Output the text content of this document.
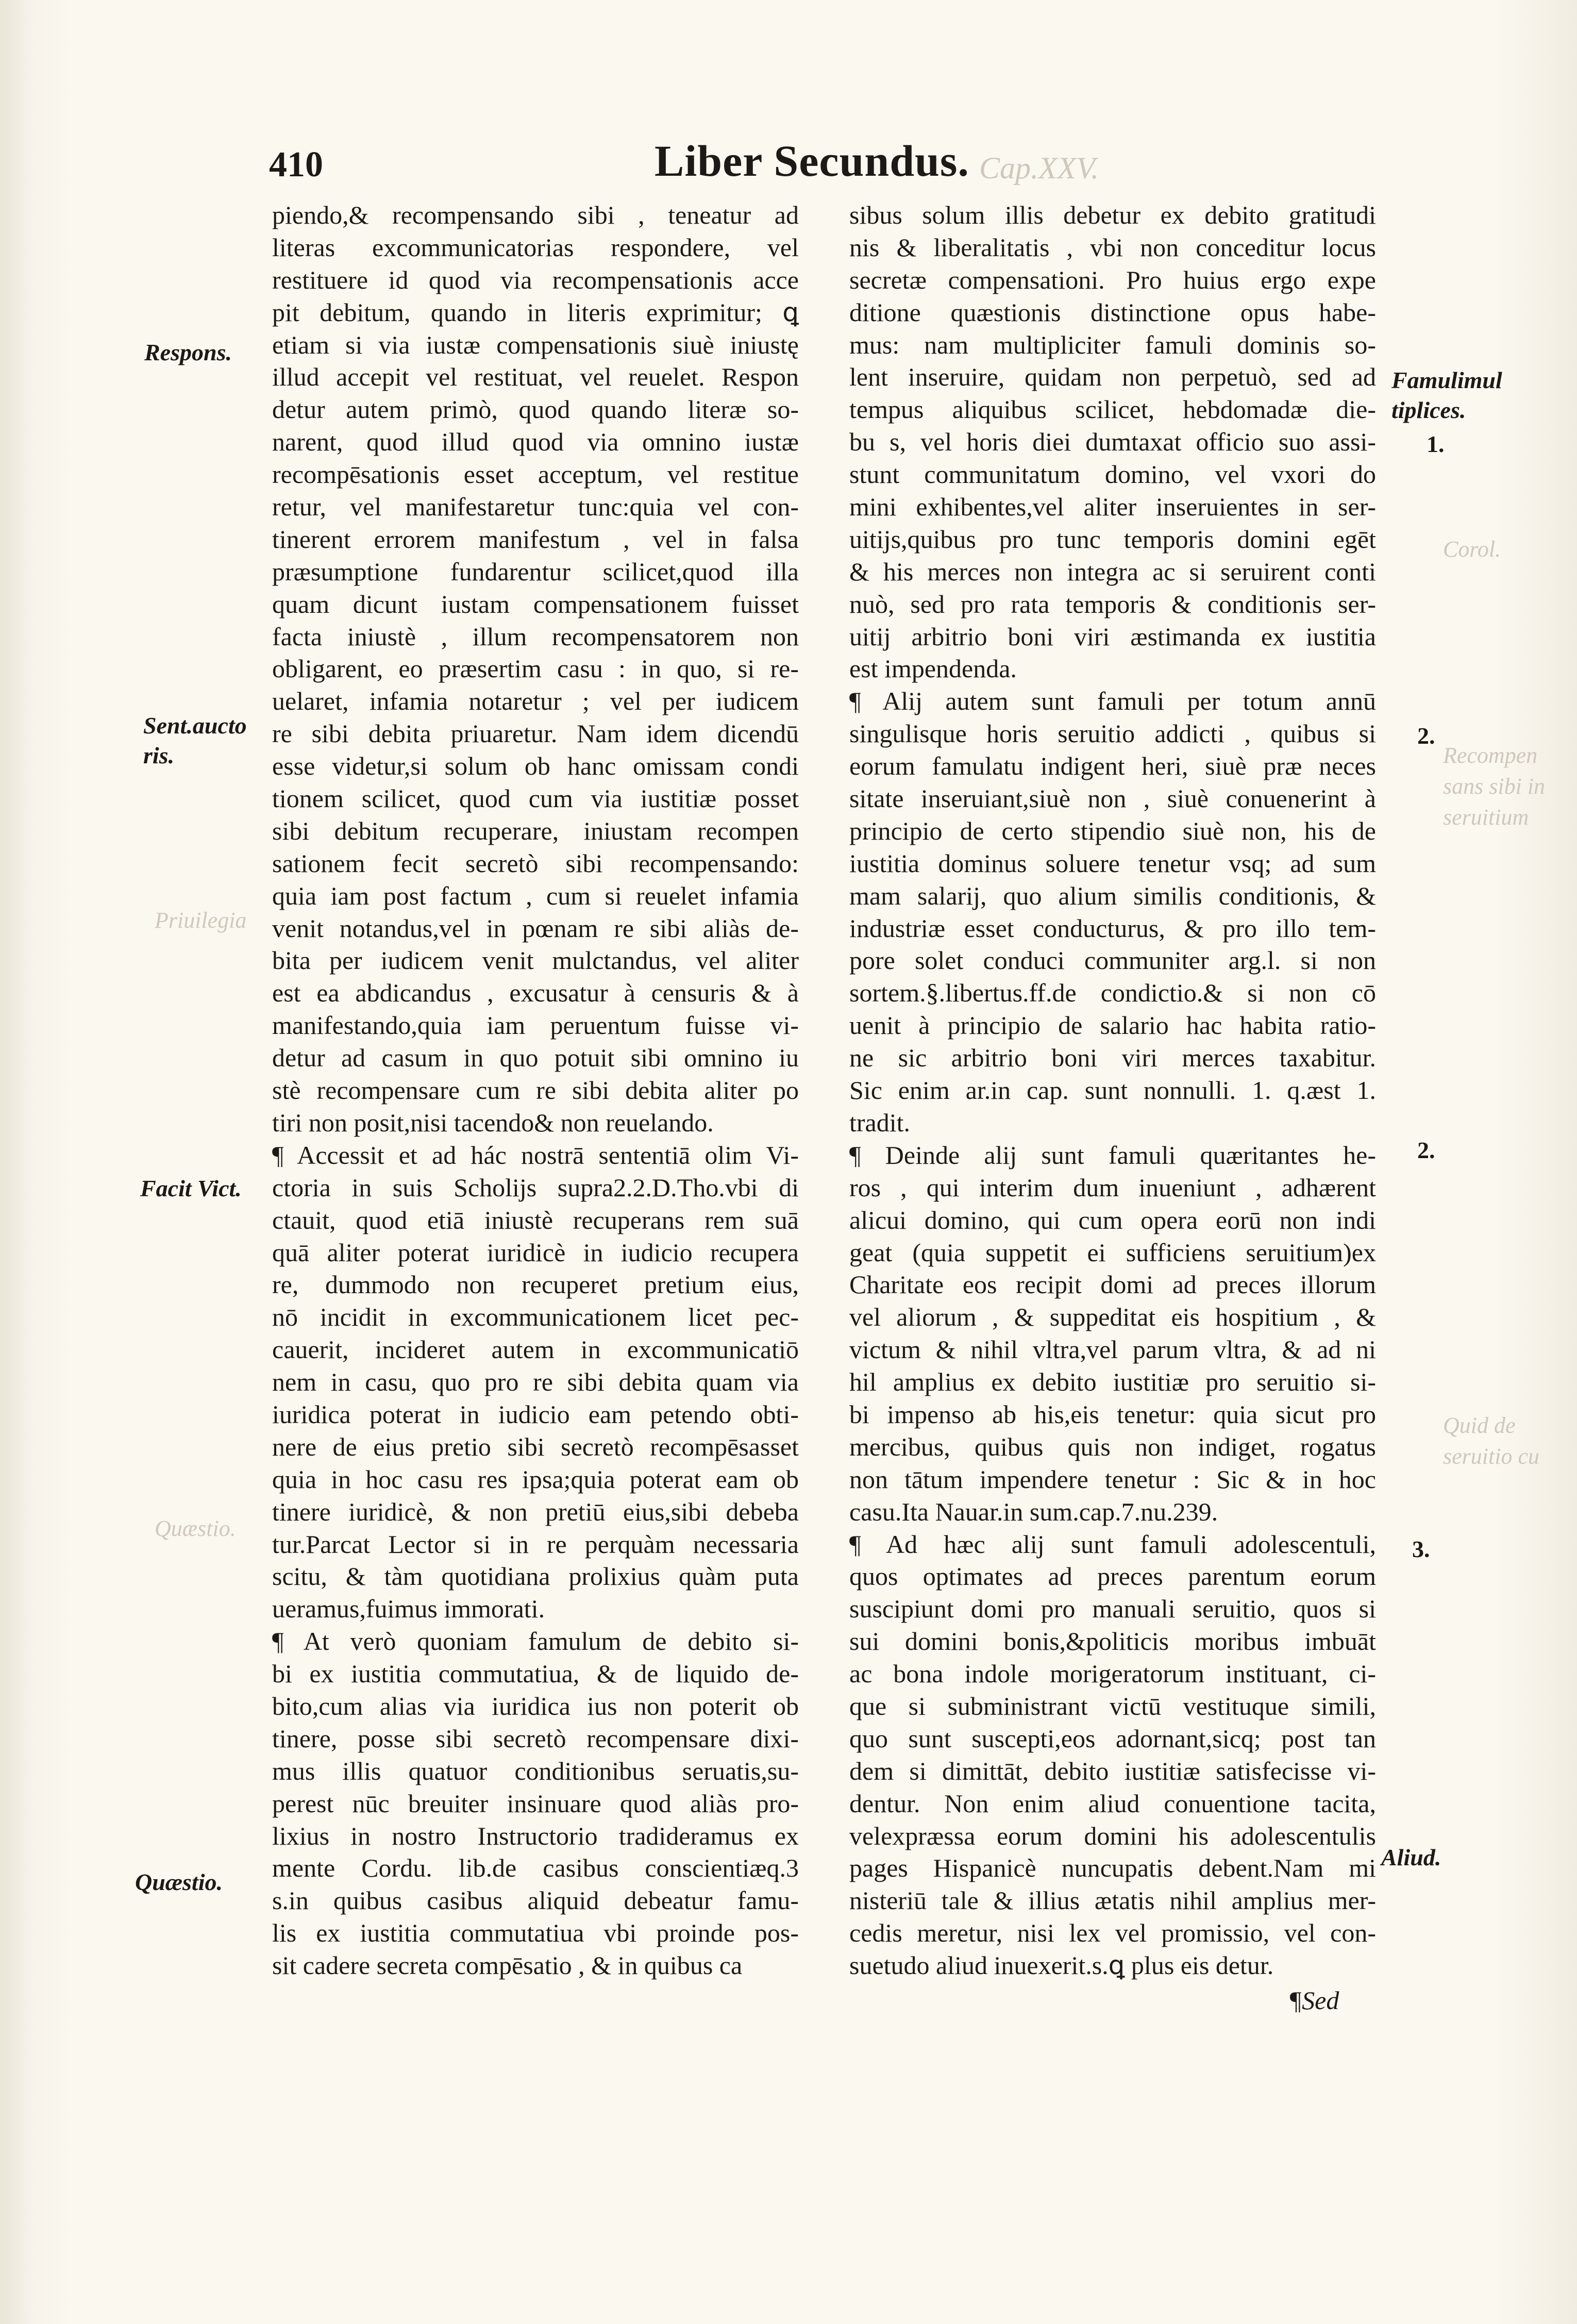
410	Liber Secundus. Cap.XXV.
Corol.
Recompen
sans sibi in
seruitium
Priuilegia
Quid de
seruitio cu
Quæstio.
piendo,& recompensando sibi , teneatur ad
literas excommunicatorias respondere, vel
restituere id quod via recompensationis acce
pit debitum, quando in literis exprimitur; ꝗ
etiam si via iustæ compensationis siuè iniustę
illud accepit vel restituat, vel reuelet. Respon
detur autem primò, quod quando literæ so-
narent, quod illud quod via omnino iustæ
recompēsationis esset acceptum, vel restitue
retur, vel manifestaretur tunc:quia vel con-
tinerent errorem manifestum , vel in falsa
præsumptione fundarentur scilicet,quod illa
quam dicunt iustam compensationem fuisset
facta iniustè , illum recompensatorem non
obligarent, eo præsertim casu : in quo, si re-
uelaret, infamia notaretur ; vel per iudicem
re sibi debita priuaretur. Nam idem dicendū
esse videtur,si solum ob hanc omissam condi
tionem scilicet, quod cum via iustitiæ posset
sibi debitum recuperare, iniustam recompen
sationem fecit secretò sibi recompensando:
quia iam post factum , cum si reuelet infamia
venit notandus,vel in pœnam re sibi aliàs de-
bita per iudicem venit mulctandus, vel aliter
est ea abdicandus , excusatur à censuris & à
manifestando,quia iam peruentum fuisse vi-
detur ad casum in quo potuit sibi omnino iu
stè recompensare cum re sibi debita aliter po
tiri non posit,nisi tacendo& non reuelando.
¶ Accessit et ad hác nostrā sententiā olim Vi-
ctoria in suis Scholijs supra2.2.D.Tho.vbi di
ctauit, quod etiā iniustè recuperans rem suā
quā aliter poterat iuridicè in iudicio recupera
re, dummodo non recuperet pretium eius,
nō incidit in excommunicationem licet pec-
cauerit, incideret autem in excommunicatiō
nem in casu, quo pro re sibi debita quam via
iuridica poterat in iudicio eam petendo obti-
nere de eius pretio sibi secretò recompēsasset
quia in hoc casu res ipsa;quia poterat eam ob
tinere iuridicè, & non pretiū eius,sibi debeba
tur.Parcat Lector si in re perquàm necessaria
scitu, & tàm quotidiana prolixius quàm puta
ueramus,fuimus immorati.
¶ At verò quoniam famulum de debito si-
bi ex iustitia commutatiua, & de liquido de-
bito,cum alias via iuridica ius non poterit ob
tinere, posse sibi secretò recompensare dixi-
mus illis quatuor conditionibus seruatis,su-
perest nūc breuiter insinuare quod aliàs pro-
lixius in nostro Instructorio tradideramus ex
mente Cordu. lib.de casibus conscientiæq.3
s.in quibus casibus aliquid debeatur famu-
lis ex iustitia commutatiua vbi proinde pos-
sit cadere secreta compēsatio , & in quibus ca
sibus solum illis debetur ex debito gratitudi
nis & liberalitatis , vbi non conceditur locus
secretæ compensationi. Pro huius ergo expe
ditione quæstionis distinctione opus habe-
mus: nam multipliciter famuli dominis so-
lent inseruire, quidam non perpetuò, sed ad
tempus aliquibus scilicet, hebdomadæ die-
bu s, vel horis diei dumtaxat officio suo assi-
stunt communitatum domino, vel vxori do
mini exhibentes,vel aliter inseruientes in ser-
uitijs,quibus pro tunc temporis domini egēt
& his merces non integra ac si seruirent conti
nuò, sed pro rata temporis & conditionis ser-
uitij arbitrio boni viri æstimanda ex iustitia
est impendenda.
¶ Alij autem sunt famuli per totum annū
singulisque horis seruitio addicti , quibus si
eorum famulatu indigent heri, siuè præ neces
sitate inseruiant,siuè non , siuè conuenerint à
principio de certo stipendio siuè non, his de
iustitia dominus soluere tenetur vsq; ad sum
mam salarij, quo alium similis conditionis, &
industriæ esset conducturus, & pro illo tem-
pore solet conduci communiter arg.l. si non
sortem.§.libertus.ff.de condictio.& si non cō
uenit à principio de salario hac habita ratio-
ne sic arbitrio boni viri merces taxabitur.
Sic enim ar.in cap. sunt nonnulli. 1. q.æst 1.
tradit.
¶ Deinde alij sunt famuli quæritantes he-
ros , qui interim dum inueniunt , adhærent
alicui domino, qui cum opera eorū non indi
geat (quia suppetit ei sufficiens seruitium)ex
Charitate eos recipit domi ad preces illorum
vel aliorum , & suppeditat eis hospitium , &
victum & nihil vltra,vel parum vltra, & ad ni
hil amplius ex debito iustitiæ pro seruitio si-
bi impenso ab his,eis tenetur: quia sicut pro
mercibus, quibus quis non indiget, rogatus
non tātum impendere tenetur : Sic & in hoc
casu.Ita Nauar.in sum.cap.7.nu.239.
¶ Ad hæc alij sunt famuli adolescentuli,
quos optimates ad preces parentum eorum
suscipiunt domi pro manuali seruitio, quos si
sui domini bonis,&politicis moribus imbuāt
ac bona indole morigeratorum instituant, ci-
que si subministrant victū vestituque simili,
quo sunt suscepti,eos adornant,sicq; post tan
dem si dimittāt, debito iustitiæ satisfecisse vi-
dentur. Non enim aliud conuentione tacita,
velexpræssa eorum domini his adolescentulis
pages Hispanicè nuncupatis debent.Nam mi
nisteriū tale & illius ætatis nihil amplius mer-
cedis meretur, nisi lex vel promissio, vel con-
suetudo aliud inuexerit.s.ꝗ plus eis detur.
Respons.
Sent.aucto
ris.
Facit Vict.
Quæstio.
Famulimul
tiplices.
1.
2.
2.
3.
Aliud.
¶Sed
